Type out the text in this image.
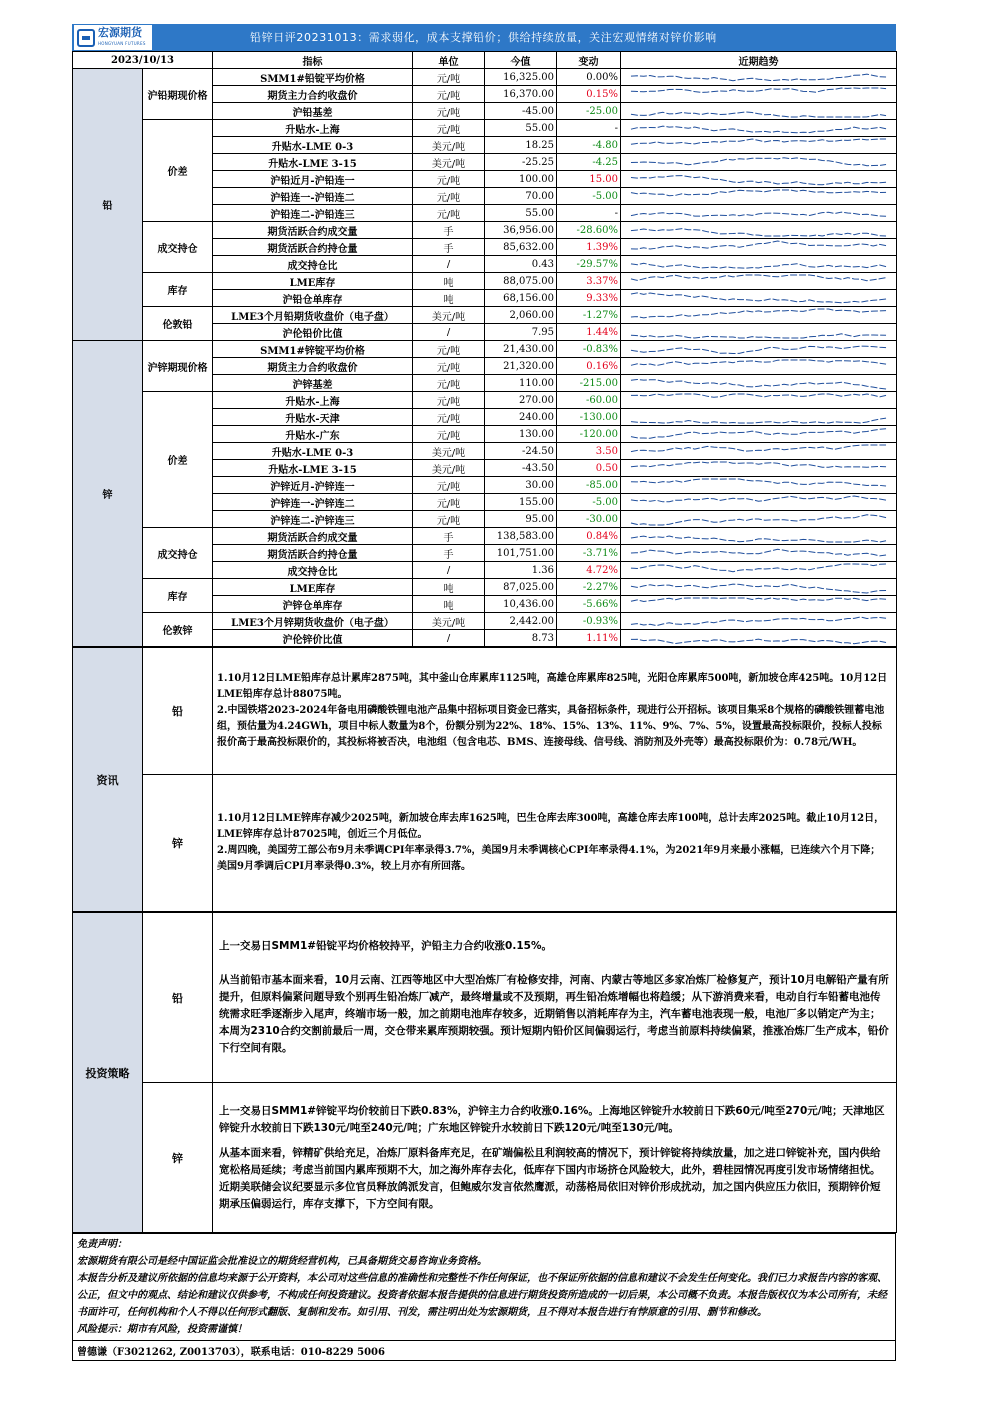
宏源期货
HONGYUAN FUTURES	铅锌日评20231013：需求弱化，成本支撑铅价；供给持续放量，关注宏观情绪对锌价影响
2023/10/13		指标	单位	今值	变动	近期趋势
铅	沪铅期现价格	SMM1#铅锭平均价格	元/吨	16,325.00	0.00%	

		期货主力合约收盘价	元/吨	16,370.00	0.15%	

		沪铅基差	元/吨	-45.00	-25.00	

	价差	升贴水-上海	元/吨	55.00	-	

		升贴水-LME 0-3	美元/吨	18.25	-4.80	

		升贴水-LME 3-15	美元/吨	-25.25	-4.25	

		沪铅近月-沪铅连一	元/吨	100.00	15.00	

		沪铅连一-沪铅连二	元/吨	70.00	-5.00	

		沪铅连二-沪铅连三	元/吨	55.00	-	

	成交持仓	期货活跃合约成交量	手	36,956.00	-28.60%	

		期货活跃合约持仓量	手	85,632.00	1.39%	

		成交持仓比	/	0.43	-29.57%	

	库存	LME库存	吨	88,075.00	3.37%	

		沪铅仓单库存	吨	68,156.00	9.33%	

	伦敦铅	LME3个月铅期货收盘价（电子盘）	美元/吨	2,060.00	-1.27%	

		沪伦铅价比值	/	7.95	1.44%	

锌	沪锌期现价格	SMM1#锌锭平均价格	元/吨	21,430.00	-0.83%	

		期货主力合约收盘价	元/吨	21,320.00	0.16%	

		沪锌基差	元/吨	110.00	-215.00	

	价差	升贴水-上海	元/吨	270.00	-60.00	

		升贴水-天津	元/吨	240.00	-130.00	

		升贴水-广东	元/吨	130.00	-120.00	

		升贴水-LME 0-3	美元/吨	-24.50	3.50	

		升贴水-LME 3-15	美元/吨	-43.50	0.50	

		沪锌近月-沪锌连一	元/吨	30.00	-85.00	

		沪锌连一-沪锌连二	元/吨	155.00	-5.00	

		沪锌连二-沪锌连三	元/吨	95.00	-30.00	

	成交持仓	期货活跃合约成交量	手	138,583.00	0.84%	

		期货活跃合约持仓量	手	101,751.00	-3.71%	

		成交持仓比	/	1.36	4.72%	

	库存	LME库存	吨	87,025.00	-2.27%	

		沪锌仓单库存	吨	10,436.00	-5.66%	

	伦敦锌	LME3个月锌期货收盘价（电子盘）	美元/吨	2,442.00	-0.93%	

		沪伦锌价比值	/	8.73	1.11%	
资讯	铅	1.10月12日LME铅库存总计累库2875吨，其中釜山仓库累库1125吨，高雄仓库累库825吨，光阳仓库累库500吨，新加坡仓库425吨。10月12日LME铅库存总计88075吨。
2.中国铁塔2023-2024年备电用磷酸铁锂电池产品集中招标项目资金已落实，具备招标条件，现进行公开招标。该项目集采8个规格的磷酸铁锂蓄电池组，预估量为4.24GWh，项目中标人数量为8个，份额分别为22%、18%、15%、13%、11%、9%、7%、5%，设置最高投标限价，投标人投标报价高于最高投标限价的，其投标将被否决，电池组（包含电芯、BMS、连接母线、信号线、消防剂及外壳等）最高投标限价为：0.78元/WH。

	锌	1.10月12日LME锌库存减少2025吨，新加坡仓库去库1625吨，巴生仓库去库300吨，高雄仓库去库100吨，总计去库2025吨。截止10月12日，LME锌库存总计87025吨，创近三个月低位。
2.周四晚，美国劳工部公布9月未季调CPI年率录得3.7%，美国9月未季调核心CPI年率录得4.1%，为2021年9月来最小涨幅，已连续六个月下降；美国9月季调后CPI月率录得0.3%，较上月亦有所回落。
投资策略	铅	上一交易日SMM1#铅锭平均价格较持平，沪铅主力合约收涨0.15%。

从当前铅市基本面来看，10月云南、江西等地区中大型冶炼厂有检修安排，河南、内蒙古等地区多家冶炼厂检修复产，预计10月电解铅产量有所提升，但原料偏紧问题导致个别再生铅冶炼厂减产，最终增量或不及预期，再生铅冶炼增幅也将趋缓；从下游消费来看，电动自行车铅蓄电池传统需求旺季逐渐步入尾声，终端市场一般，加之前期电池库存较多，近期销售以消耗库存为主，汽车蓄电池表现一般，电池厂多以销定产为主；本周为2310合约交割前最后一周，交仓带来累库预期较强。预计短期内铅价区间偏弱运行，考虑当前原料持续偏紧，推涨冶炼厂生产成本，铅价下行空间有限。

	锌	上一交易日SMM1#锌锭平均价较前日下跌0.83%，沪锌主力合约收涨0.16%。上海地区锌锭升水较前日下跌60元/吨至270元/吨；天津地区锌锭升水较前日下跌130元/吨至240元/吨；广东地区锌锭升水较前日下跌120元/吨至130元/吨。

从基本面来看，锌精矿供给充足，冶炼厂原料备库充足，在矿端偏松且利润较高的情况下，预计锌锭将持续放量，加之进口锌锭补充，国内供给宽松格局延续；考虑当前国内累库预期不大，加之海外库存去化，低库存下国内市场挤仓风险较大，此外，碧桂园情况再度引发市场情绪担忧。近期美联储会议纪要显示多位官员释放鸽派发言，但鲍威尔发言依然鹰派，动荡格局依旧对锌价形成扰动，加之国内供应压力依旧，预期锌价短期承压偏弱运行，库存支撑下，下方空间有限。

免责声明：
宏源期货有限公司是经中国证监会批准设立的期货经营机构，已具备期货交易咨询业务资格。
本报告分析及建议所依据的信息均来源于公开资料，本公司对这些信息的准确性和完整性不作任何保证，也不保证所依据的信息和建议不会发生任何变化。我们已力求报告内容的客观、公正，但文中的观点、结论和建议仅供参考，不构成任何投资建议。投资者依据本报告提供的信息进行期货投资所造成的一切后果，本公司概不负责。本报告版权仅为本公司所有，未经书面许可，任何机构和个人不得以任何形式翻版、复制和发布。如引用、刊发，需注明出处为宏源期货，且不得对本报告进行有悖原意的引用、删节和修改。
风险提示：期市有风险，投资需谨慎！

曾德谦（F3021262, Z0013703），联系电话：010-8229 5006
